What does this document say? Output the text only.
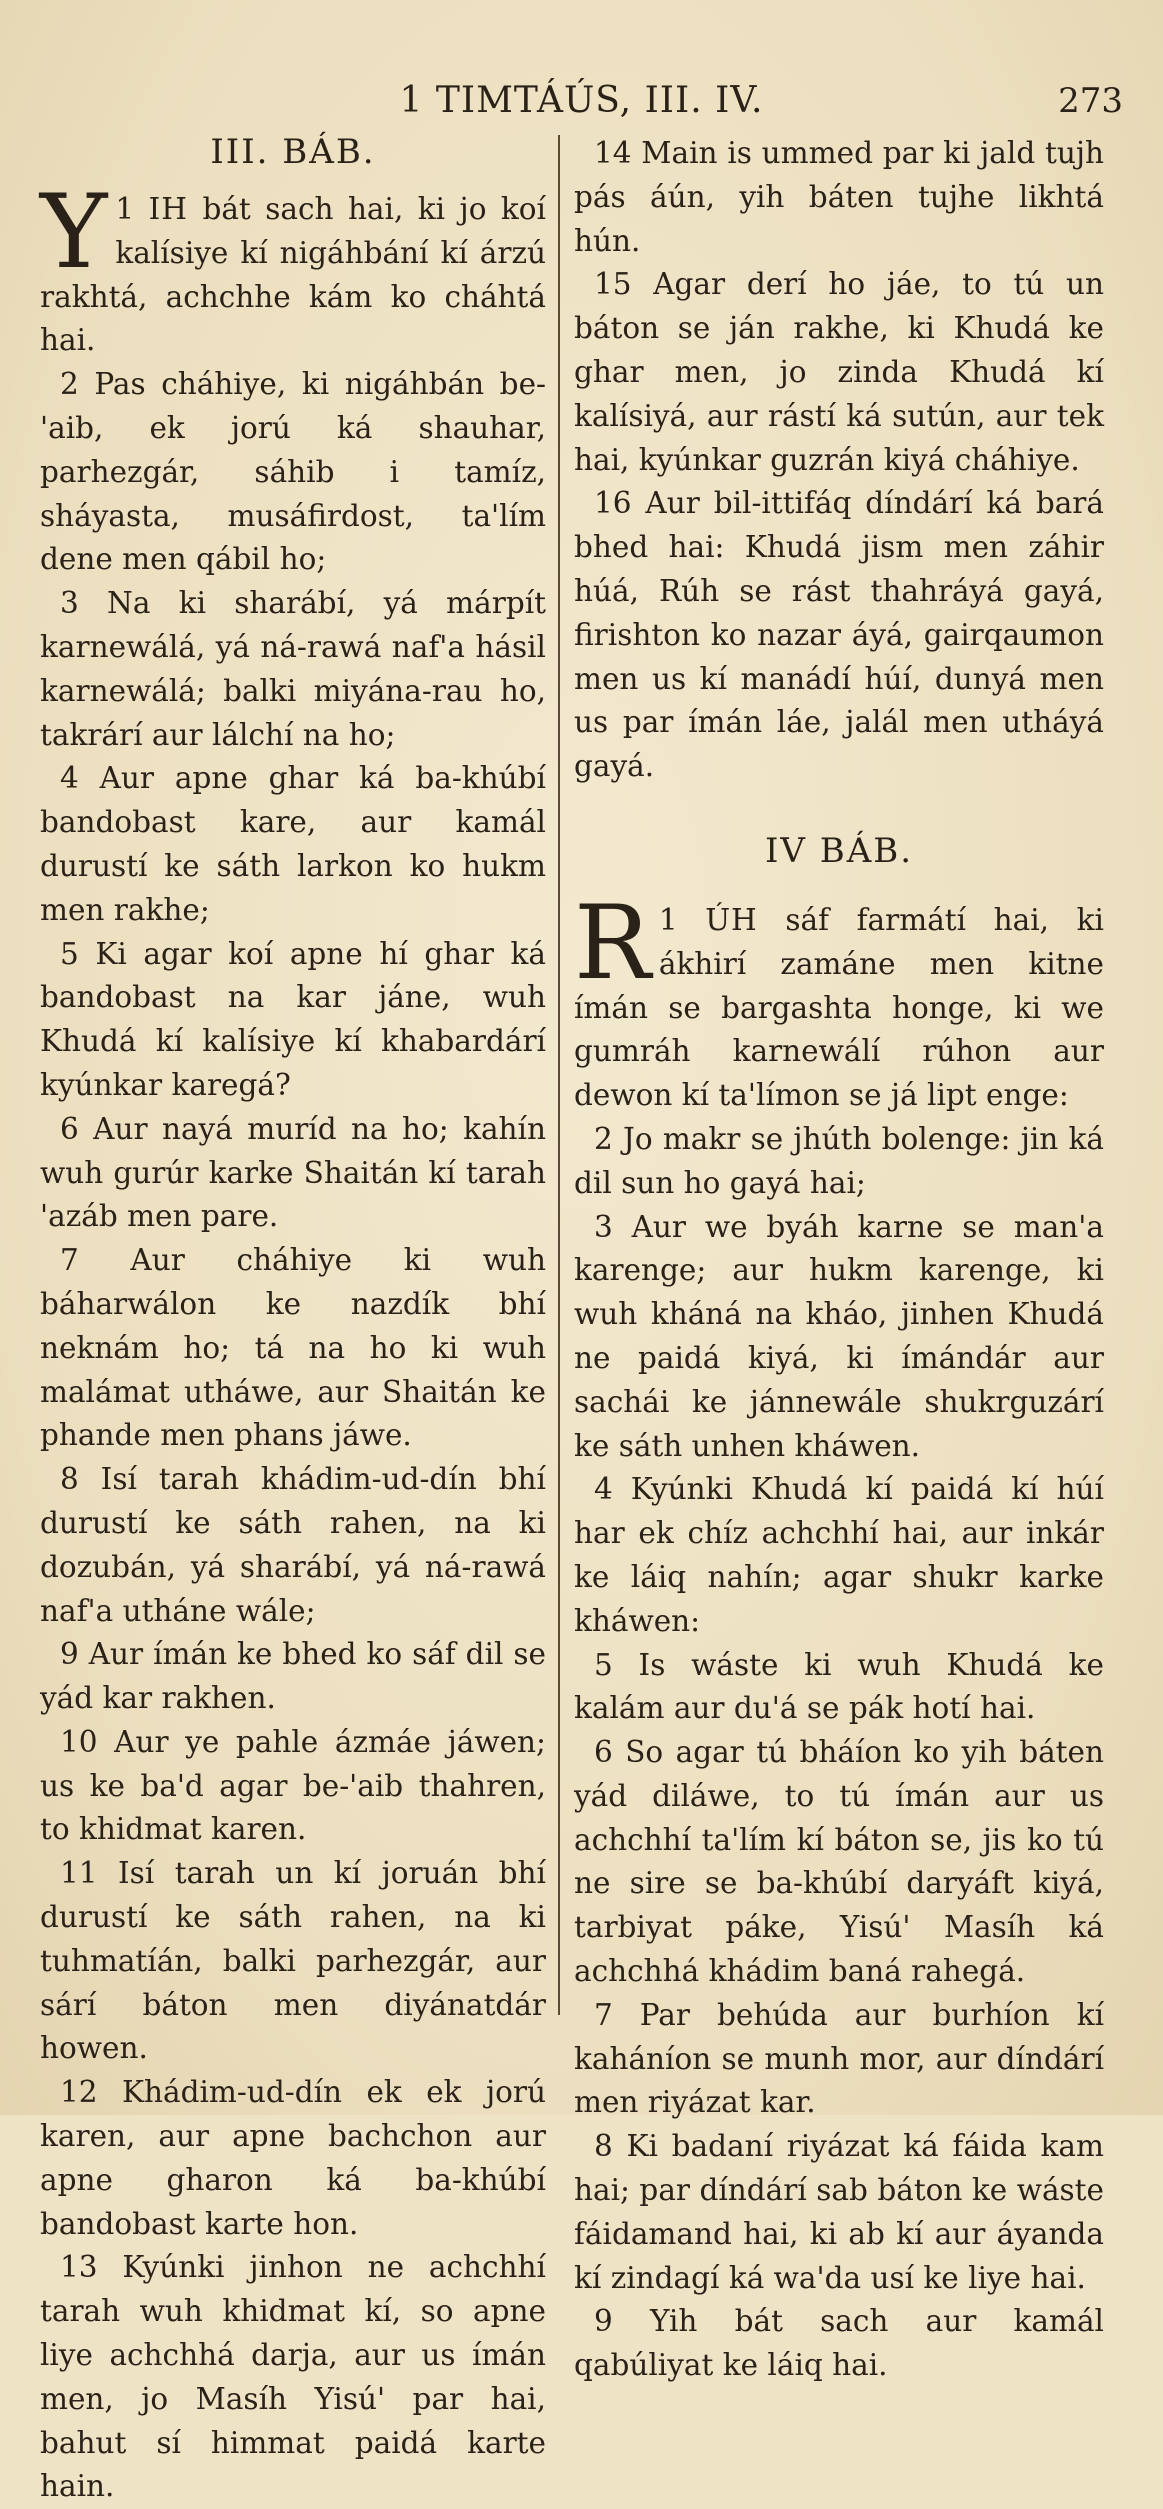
1 TIMTÁÚS, III. IV.	273
III. BÁB.

1
Y IH bát sach hai, ki jo koí kalísiye kí nigáhbání kí árzú rakhtá, achchhe kám ko cháhtá hai.

2 Pas cháhiye, ki nigáhbán be-'aib, ek jorú ká shauhar, parhezgár, sáhib i tamíz, sháyasta, musáfirdost, ta'lím dene men qábil ho;

3 Na ki sharábí, yá márpít karnewálá, yá ná-rawá naf'a hásil karnewálá; balki miyána-rau ho, takrárí aur lálchí na ho;

4 Aur apne ghar ká ba-khúbí bandobast kare, aur kamál durustí ke sáth larkon ko hukm men rakhe;

5 Ki agar koí apne hí ghar ká bandobast na kar jáne, wuh Khudá kí kalísiye kí khabardárí kyúnkar karegá?

6 Aur nayá muríd na ho; kahín wuh gurúr karke Shaitán kí tarah 'azáb men pare.

7 Aur cháhiye ki wuh báharwálon ke nazdík bhí neknám ho; tá na ho ki wuh malámat utháwe, aur Shaitán ke phande men phans jáwe.

8 Isí tarah khádim-ud-dín bhí durustí ke sáth rahen, na ki dozubán, yá sharábí, yá ná-rawá naf'a utháne wále;

9 Aur ímán ke bhed ko sáf dil se yád kar rakhen.

10 Aur ye pahle ázmáe jáwen; us ke ba'd agar be-'aib thahren, to khidmat karen.

11 Isí tarah un kí joruán bhí durustí ke sáth rahen, na ki tuhmatíán, balki parhezgár, aur sárí báton men diyánatdár howen.

12 Khádim-ud-dín ek ek jorú karen, aur apne bachchon aur apne gharon ká ba-khúbí bandobast karte hon.

13 Kyúnki jinhon ne achchhí tarah wuh khidmat kí, so apne liye achchhá darja, aur us ímán men, jo Masíh Yisú' par hai, bahut sí himmat paidá karte hain.

14 Main is ummed par ki jald tujh pás áún, yih báten tujhe likhtá hún.

15 Agar derí ho jáe, to tú un báton se ján rakhe, ki Khudá ke ghar men, jo zinda Khudá kí kalísiyá, aur rástí ká sutún, aur tek hai, kyúnkar guzrán kiyá cháhiye.

16 Aur bil-ittifáq díndárí ká bará bhed hai: Khudá jism men záhir húá, Rúh se rást thahráyá gayá, firishton ko nazar áyá, gairqaumon men us kí manádí húí, dunyá men us par ímán láe, jalál men utháyá gayá.

IV BÁB.

1
R ÚH sáf farmátí hai, ki ákhirí zamáne men kitne ímán se bargashta honge, ki we gumráh karnewálí rúhon aur dewon kí ta'límon se já lipt enge:

2 Jo makr se jhúth bolenge: jin ká dil sun ho gayá hai;

3 Aur we byáh karne se man'a karenge; aur hukm karenge, ki wuh kháná na kháo, jinhen Khudá ne paidá kiyá, ki ímándár aur sachái ke jánnewále shukrguzárí ke sáth unhen kháwen.

4 Kyúnki Khudá kí paidá kí húí har ek chíz achchhí hai, aur inkár ke láiq nahín; agar shukr karke kháwen:

5 Is wáste ki wuh Khudá ke kalám aur du'á se pák hotí hai.

6 So agar tú bháíon ko yih báten yád diláwe, to tú ímán aur us achchhí ta'lím kí báton se, jis ko tú ne sire se ba-khúbí daryáft kiyá, tarbiyat páke, Yisú' Masíh ká achchhá khádim baná rahegá.

7 Par behúda aur burhíon kí kaháníon se munh mor, aur díndárí men riyázat kar.

8 Ki badaní riyázat ká fáida kam hai; par díndárí sab báton ke wáste fáidamand hai, ki ab kí aur áyanda kí zindagí ká wa'da usí ke liye hai.

9 Yih bát sach aur kamál qabúliyat ke láiq hai.
